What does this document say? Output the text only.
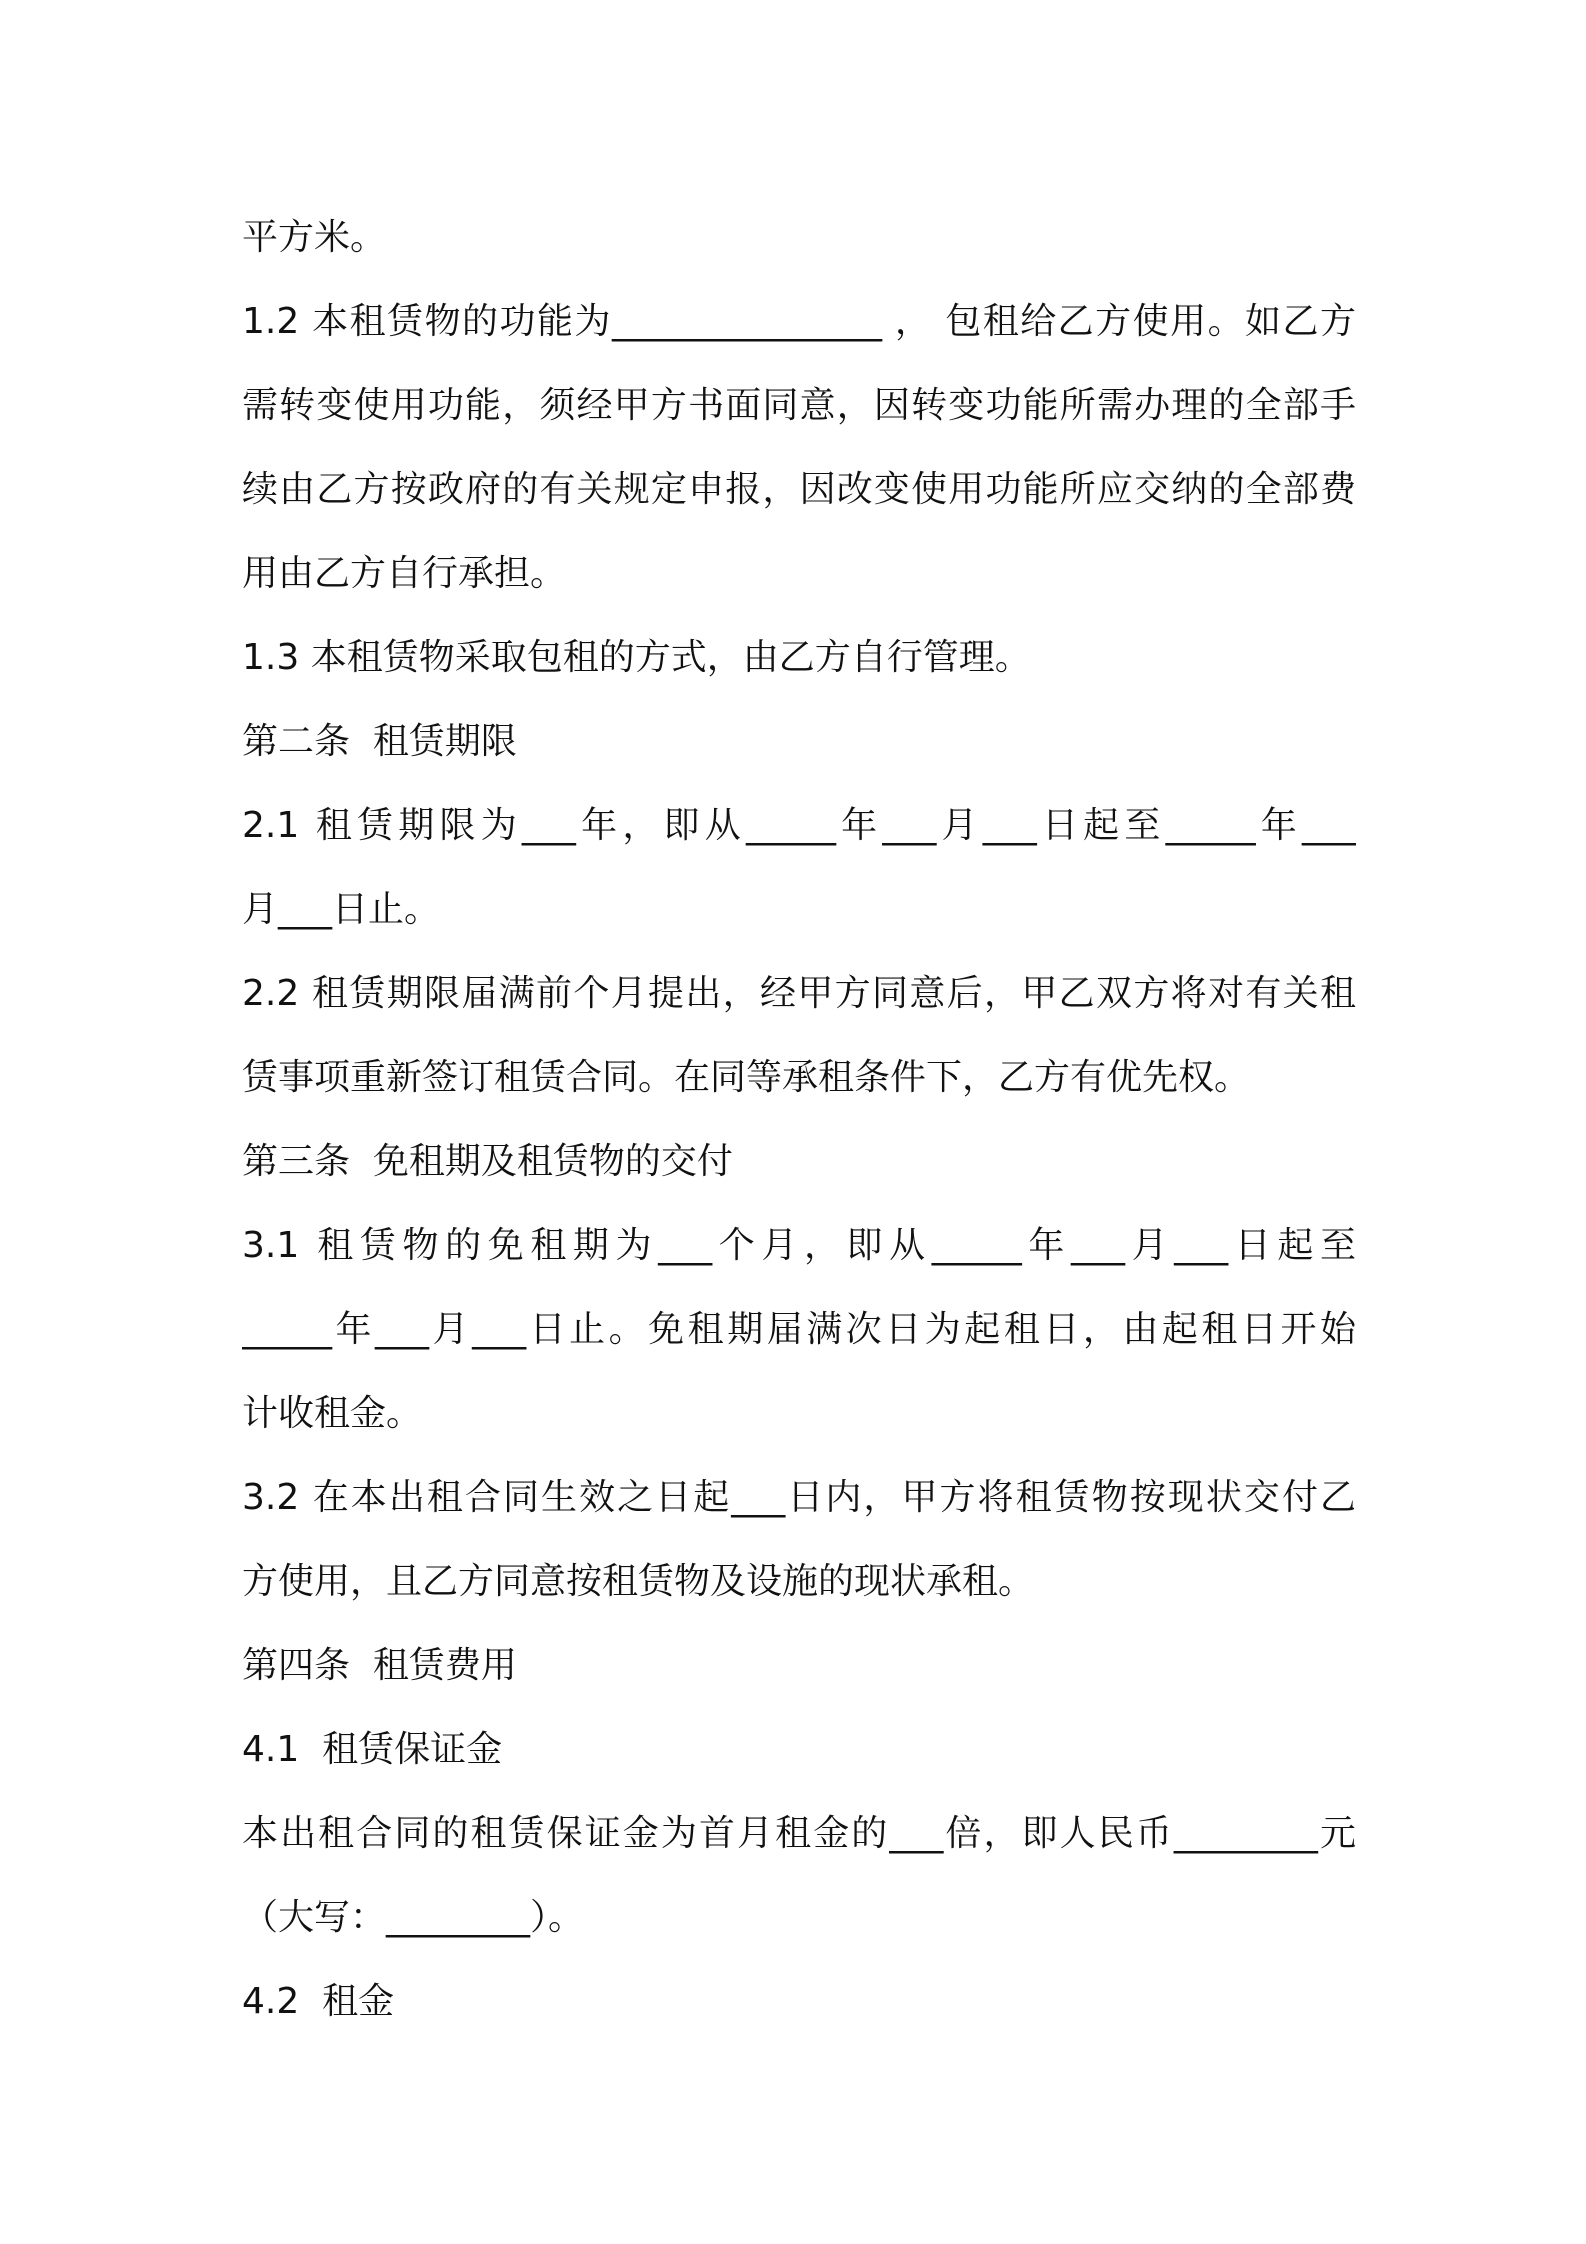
平方米。
1.2 本租赁物的功能为_______________ ， 包租给乙方使用。如乙方
需转变使用功能，须经甲方书面同意，因转变功能所需办理的全部手
续由乙方按政府的有关规定申报，因改变使用功能所应交纳的全部费
用由乙方自行承担。
1.3 本租赁物采取包租的方式，由乙方自行管理。
第二条  租赁期限
2.1 租赁期限为___年，即从_____年___月___日起至_____年___
月___日止。
2.2 租赁期限届满前个月提出，经甲方同意后，甲乙双方将对有关租
赁事项重新签订租赁合同。在同等承租条件下，乙方有优先权。
第三条  免租期及租赁物的交付
3.1 租赁物的免租期为___个月，即从_____年___月___日起至
_____年___月___日止。免租期届满次日为起租日，由起租日开始
计收租金。
3.2 在本出租合同生效之日起___日内，甲方将租赁物按现状交付乙
方使用，且乙方同意按租赁物及设施的现状承租。
第四条  租赁费用
4.1  租赁保证金
本出租合同的租赁保证金为首月租金的___倍，即人民币________元
（大写：________）。
4.2  租金
